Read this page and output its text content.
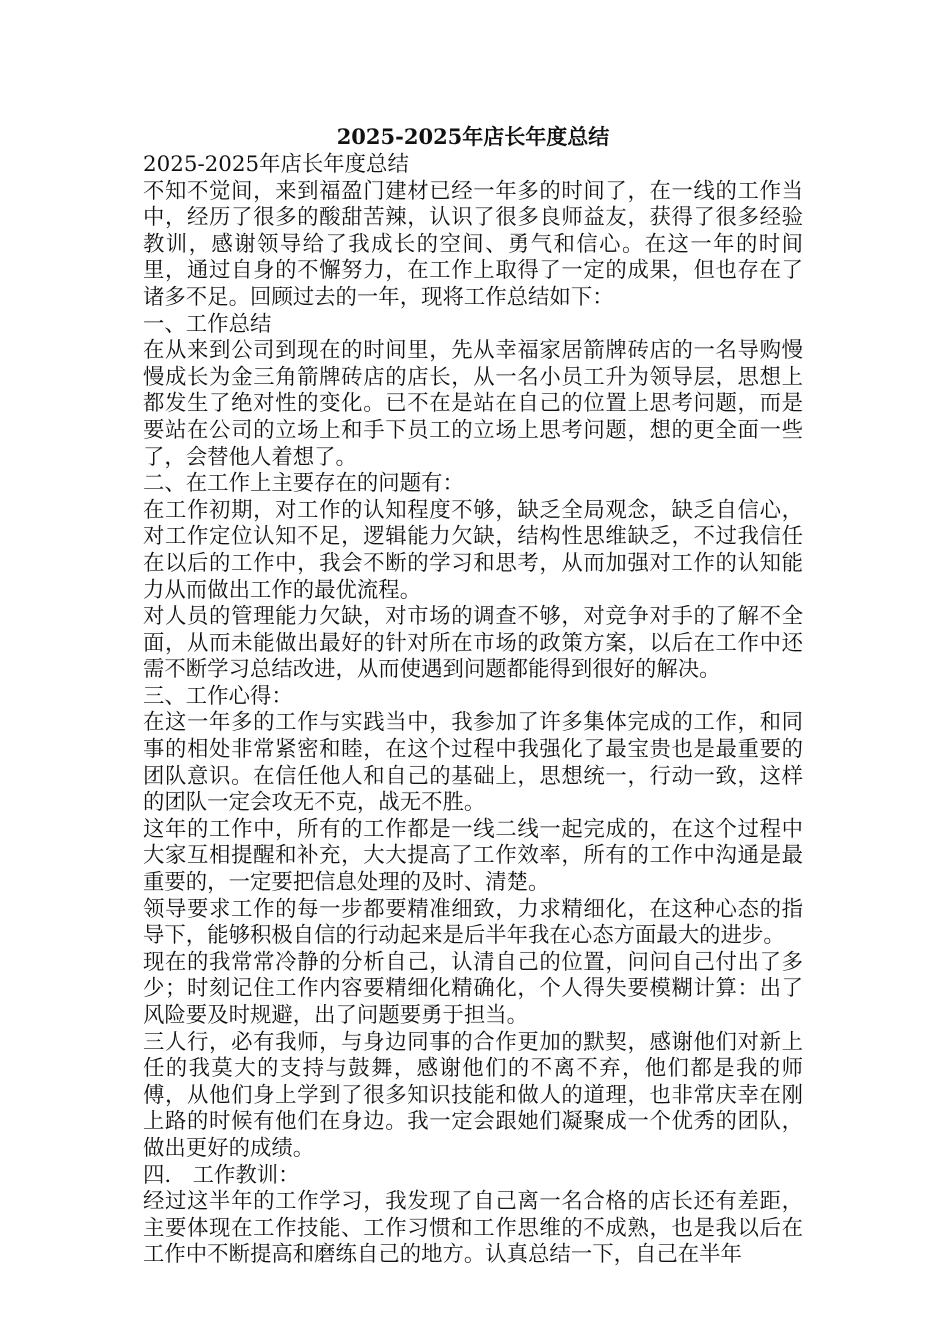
2025-2025年店长年度总结

2025-2025年店长年度总结

不知不觉间，来到福盈门建材已经一年多的时间了，在一线的工作当中，经历了很多的酸甜苦辣，认识了很多良师益友，获得了很多经验教训，感谢领导给了我成长的空间、勇气和信心。在这一年的时间里，通过自身的不懈努力，在工作上取得了一定的成果，但也存在了诸多不足。回顾过去的一年，现将工作总结如下：

一、工作总结

在从来到公司到现在的时间里，先从幸福家居箭牌砖店的一名导购慢慢成长为金三角箭牌砖店的店长，从一名小员工升为领导层，思想上都发生了绝对性的变化。已不在是站在自己的位置上思考问题，而是要站在公司的立场上和手下员工的立场上思考问题，想的更全面一些了，会替他人着想了。

二、在工作上主要存在的问题有：

在工作初期，对工作的认知程度不够，缺乏全局观念，缺乏自信心，对工作定位认知不足，逻辑能力欠缺，结构性思维缺乏，不过我信任在以后的工作中，我会不断的学习和思考，从而加强对工作的认知能力从而做出工作的最优流程。

对人员的管理能力欠缺，对市场的调查不够，对竞争对手的了解不全面，从而未能做出最好的针对所在市场的政策方案，以后在工作中还需不断学习总结改进，从而使遇到问题都能得到很好的解决。

三、工作心得：

在这一年多的工作与实践当中，我参加了许多集体完成的工作，和同事的相处非常紧密和睦，在这个过程中我强化了最宝贵也是最重要的团队意识。在信任他人和自己的基础上，思想统一，行动一致，这样的团队一定会攻无不克，战无不胜。

这年的工作中，所有的工作都是一线二线一起完成的，在这个过程中大家互相提醒和补充，大大提高了工作效率，所有的工作中沟通是最重要的，一定要把信息处理的及时、清楚。

领导要求工作的每一步都要精准细致，力求精细化，在这种心态的指导下，能够积极自信的行动起来是后半年我在心态方面最大的进步。

现在的我常常冷静的分析自己，认清自己的位置，问问自己付出了多少；时刻记住工作内容要精细化精确化，个人得失要模糊计算：出了风险要及时规避，出了问题要勇于担当。

三人行，必有我师，与身边同事的合作更加的默契，感谢他们对新上任的我莫大的支持与鼓舞，感谢他们的不离不弃，他们都是我的师傅，从他们身上学到了很多知识技能和做人的道理，也非常庆幸在刚上路的时候有他们在身边。我一定会跟她们凝聚成一个优秀的团队，做出更好的成绩。

四.　工作教训：

经过这半年的工作学习，我发现了自己离一名合格的店长还有差距，主要体现在工作技能、工作习惯和工作思维的不成熟，也是我以后在工作中不断提高和磨练自己的地方。认真总结一下，自己在半年
